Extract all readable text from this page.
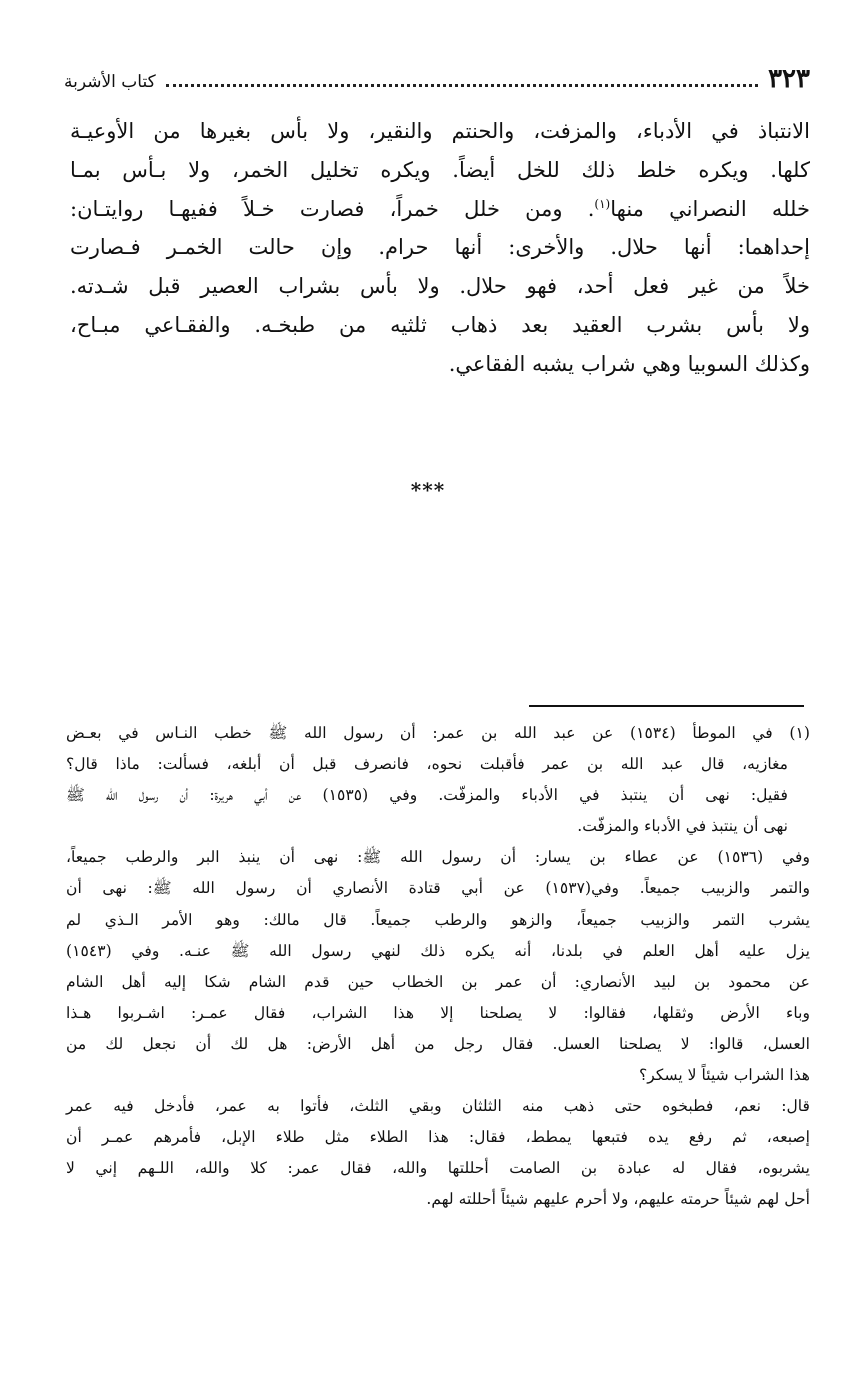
٣٢٣
كتاب الأشربة
الانتباذ في الأدباء، والمزفت، والحنتم والنقير، ولا بأس بغيرها من الأوعيـة
كلها. ويكره خلط ذلك للخل أيضاً. ويكره تخليل الخمر، ولا بـأس بمـا
خلله النصراني منها$^{(١)}$. ومن خلل خمراً، فصارت خـلاً ففيهـا روايتـان:
إحداهما: أنها حلال. والأخرى: أنها حرام. وإن حالت الخمـر فـصارت
خلاً من غير فعل أحد، فهو حلال. ولا بأس بشراب العصير قبل شـدته.
ولا بأس بشرب العقيد بعد ذهاب ثلثيه من طبخـه. والفقـاعي مبـاح،
وكذلك السوبيا وهي شراب يشبه الفقاعي.
***
(١) في الموطأ (١٥٣٤) عن عبد الله بن عمر: أن رسول الله ﷺ خطب النـاس في بعـض
مغازيه، قال عبد الله بن عمر فأقبلت نحوه، فانصرف قبل أن أبلغه، فسألت: ماذا قال؟
فقيل: نهى أن ينتبذ في الأدباء والمزفّت. وفي (١٥٣٥) عن أبي هريرة: أن رسول الله ﷺ
نهى أن ينتبذ في الأدباء والمزفّت.
وفي (١٥٣٦) عن عطاء بن يسار: أن رسول الله ﷺ: نهى أن ينبذ البر والرطب جميعاً،
والتمر والزبيب جميعاً. وفي(١٥٣٧) عن أبي قتادة الأنصاري أن رسول الله ﷺ: نهى أن
يشرب التمر والزبيب جميعاً، والزهو والرطب جميعاً. قال مالك: وهو الأمر الـذي لم
يزل عليه أهل العلم في بلدنا، أنه يكره ذلك لنهي رسول الله ﷺ عنـه. وفي (١٥٤٣)
عن محمود بن لبيد الأنصاري: أن عمر بن الخطاب حين قدم الشام شكا إليه أهل الشام
وباء الأرض وثقلها، فقالوا: لا يصلحنا إلا هذا الشراب، فقال عمـر: اشـربوا هـذا
العسل، قالوا: لا يصلحنا العسل. فقال رجل من أهل الأرض: هل لك أن نجعل لك من
هذا الشراب شيئاً لا يسكر؟
قال: نعم، فطبخوه حتى ذهب منه الثلثان وبقي الثلث، فأتوا به عمر، فأدخل فيه عمر
إصبعه، ثم رفع يده فتبعها يمطط، فقال: هذا الطلاء مثل طلاء الإبل، فأمرهم عمـر أن
يشربوه، فقال له عبادة بن الصامت أحللتها والله، فقال عمر: كلا والله، اللـهم إني لا
أحل لهم شيئاً حرمته عليهم، ولا أحرم عليهم شيئاً أحللته لهم.
